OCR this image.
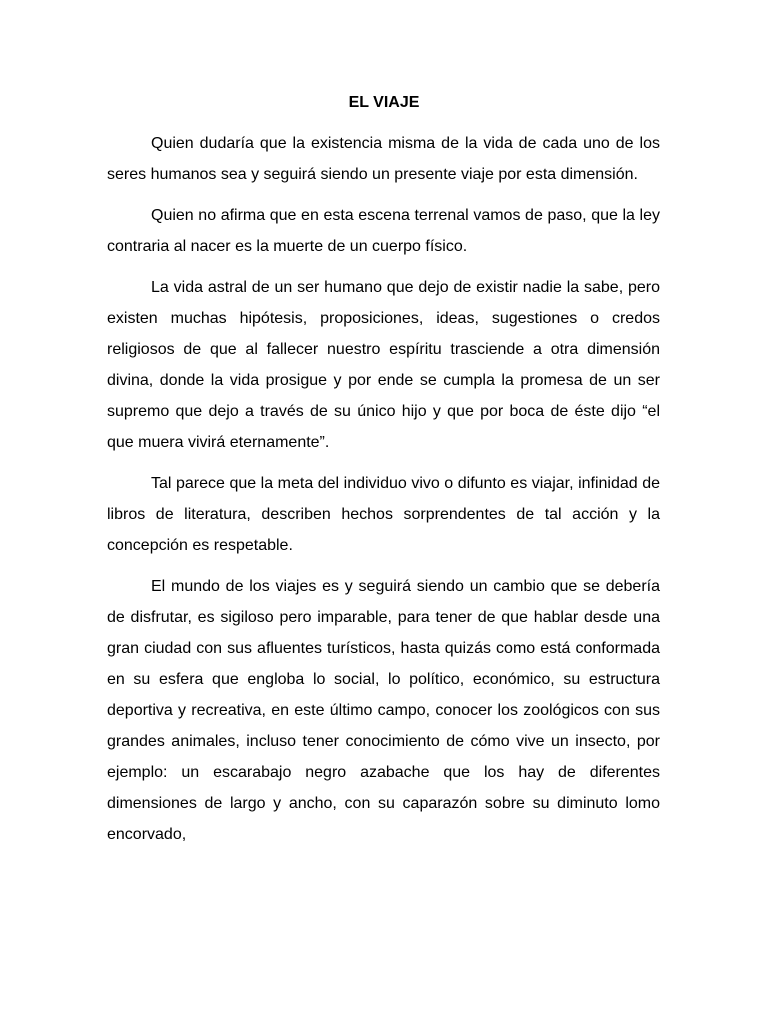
EL VIAJE

Quien dudaría que la existencia misma de la vida de cada uno de los seres humanos sea y seguirá siendo un presente viaje por esta dimensión.

Quien no afirma que en esta escena terrenal vamos de paso, que la ley contraria al nacer es la muerte de un cuerpo físico.

La vida astral de un ser humano que dejo de existir nadie la sabe, pero existen muchas hipótesis, proposiciones, ideas, sugestiones o credos religiosos de que al fallecer nuestro espíritu trasciende a otra dimensión divina, donde la vida prosigue y por ende se cumpla la promesa de un ser supremo que dejo a través de su único hijo y que por boca de éste dijo “el que muera vivirá eternamente”.

Tal parece que la meta del individuo vivo o difunto es viajar, infinidad de libros de literatura, describen hechos sorprendentes de tal acción y la concepción es respetable.

El mundo de los viajes es y seguirá siendo un cambio que se debería de disfrutar, es sigiloso pero imparable, para tener de que hablar desde una gran ciudad con sus afluentes turísticos, hasta quizás como está conformada en su esfera que engloba lo social, lo político, económico, su estructura deportiva y recreativa, en este último campo, conocer los zoológicos con sus grandes animales, incluso tener conocimiento de cómo vive un insecto, por ejemplo: un escarabajo negro azabache que los hay de diferentes dimensiones de largo y ancho, con su caparazón sobre su diminuto lomo encorvado,
